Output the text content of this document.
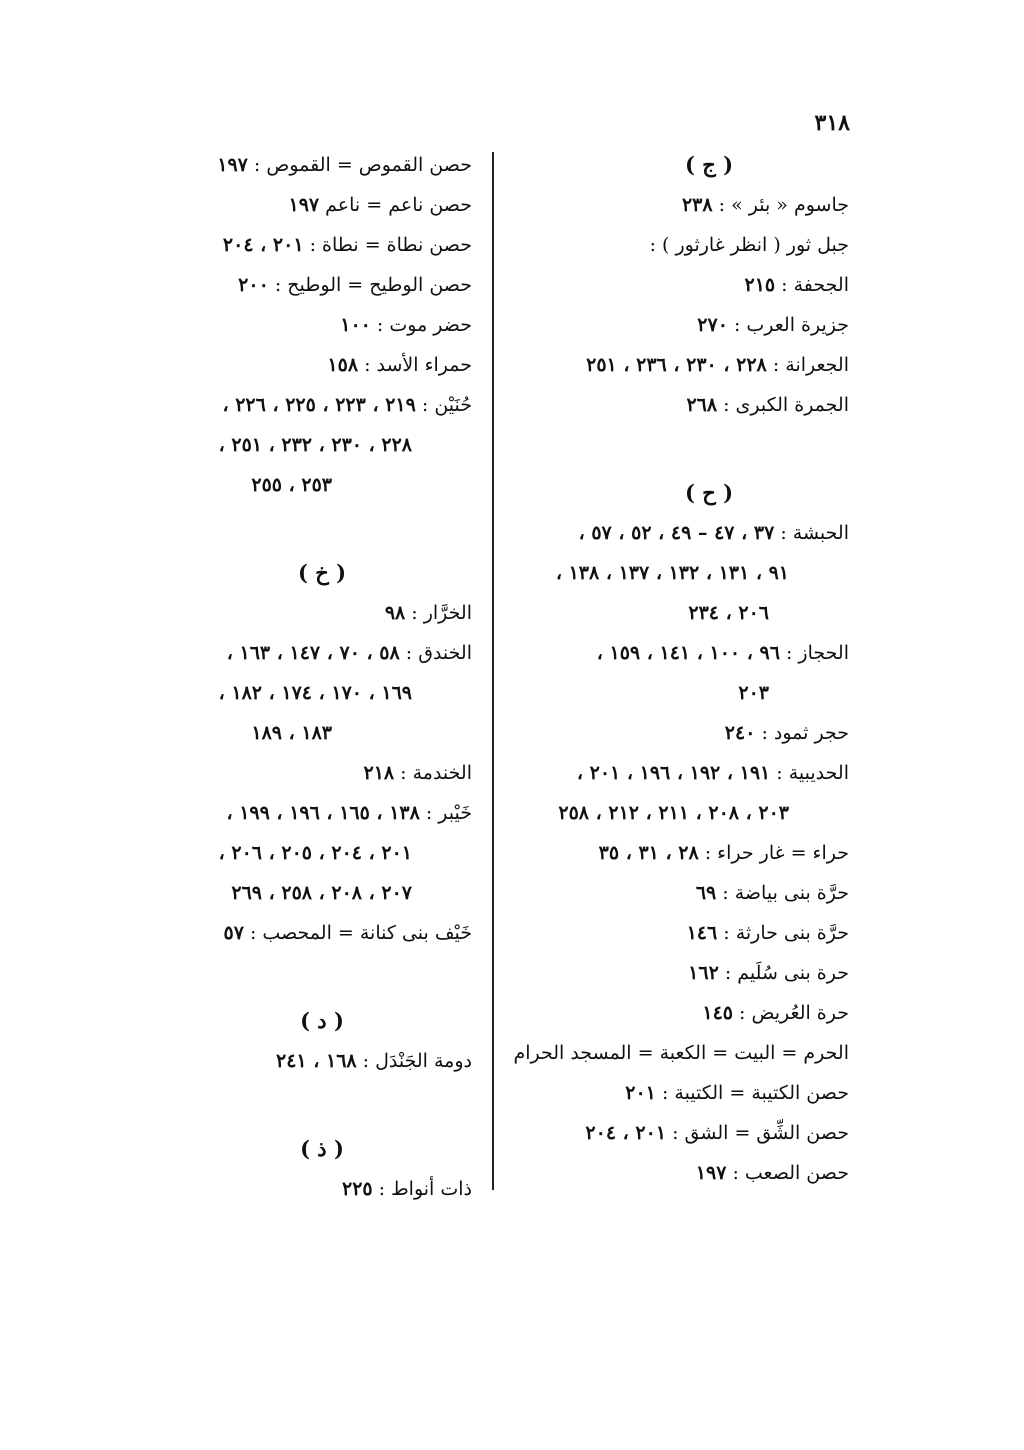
٣١٨
( ج )
جاسوم « بئر » : ٢٣٨
جبل ثور ( انظر غارثور ) :
الجحفة : ٢١٥
جزيرة العرب : ٢٧٠
الجعرانة : ٢٢٨ ، ٢٣٠ ، ٢٣٦ ، ٢٥١
الجمرة الكبرى : ٢٦٨
( ح )
الحبشة : ٣٧ ، ٤٧ – ٤٩ ، ٥٢ ، ٥٧ ،
٩١ ، ١٣١ ، ١٣٢ ، ١٣٧ ، ١٣٨ ،
٢٠٦ ، ٢٣٤
الحجاز : ٩٦ ، ١٠٠ ، ١٤١ ، ١٥٩ ،
٢٠٣
حجر ثمود : ٢٤٠
الحديبية : ١٩١ ، ١٩٢ ، ١٩٦ ، ٢٠١ ،
٢٠٣ ، ٢٠٨ ، ٢١١ ، ٢١٢ ، ٢٥٨
حراء = غار حراء : ٢٨ ، ٣١ ، ٣٥
حرَّة بنى بياضة : ٦٩
حرَّة بنى حارثة : ١٤٦
حرة بنى سُلَيم : ١٦٢
حرة العُريض : ١٤٥
الحرم = البيت = الكعبة = المسجد الحرام
حصن الكتيبة = الكتيبة : ٢٠١
حصن الشِّق = الشق : ٢٠١ ، ٢٠٤
حصن الصعب : ١٩٧
حصن القموص = القموص : ١٩٧
حصن ناعم = ناعم ١٩٧
حصن نطاة = نطاة : ٢٠١ ، ٢٠٤
حصن الوطيح = الوطيح : ٢٠٠
حضر موت : ١٠٠
حمراء الأسد : ١٥٨
حُنَيْن : ٢١٩ ، ٢٢٣ ، ٢٢٥ ، ٢٢٦ ،
٢٢٨ ، ٢٣٠ ، ٢٣٢ ، ٢٥١ ،
٢٥٣ ، ٢٥٥
( خ )
الخرَّار : ٩٨
الخندق : ٥٨ ، ٧٠ ، ١٤٧ ، ١٦٣ ،
١٦٩ ، ١٧٠ ، ١٧٤ ، ١٨٢ ،
١٨٣ ، ١٨٩
الخندمة : ٢١٨
خَيْبر : ١٣٨ ، ١٦٥ ، ١٩٦ ، ١٩٩ ،
٢٠١ ، ٢٠٤ ، ٢٠٥ ، ٢٠٦ ،
٢٠٧ ، ٢٠٨ ، ٢٥٨ ، ٢٦٩
خَيْف بنى كنانة = المحصب : ٥٧
( د )
دومة الجَنْدَل : ١٦٨ ، ٢٤١
( ذ )
ذات أنواط : ٢٢٥
